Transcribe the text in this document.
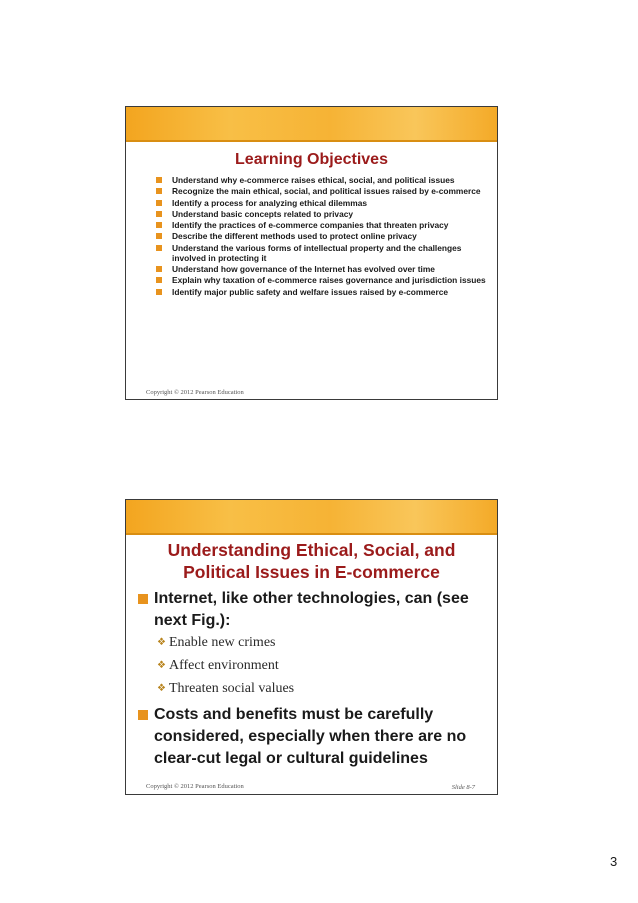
Learning Objectives
Understand why e-commerce raises ethical, social, and political issues
Recognize the main ethical, social, and political issues raised by e-commerce
Identify a process for analyzing ethical dilemmas
Understand basic concepts related to privacy
Identify the practices of e-commerce companies that threaten privacy
Describe the different methods used to protect online privacy
Understand the various forms of intellectual property and the challenges involved in protecting it
Understand how governance of the Internet has evolved over time
Explain why taxation of e-commerce raises governance and jurisdiction issues
Identify major public safety and welfare issues raised by e-commerce
Copyright © 2012 Pearson Education
Understanding Ethical, Social, and
Political Issues in E-commerce
Internet, like other technologies, can (see next Fig.):
❖ Enable new crimes
❖ Affect environment
❖ Threaten social values
Costs and benefits must be carefully considered, especially when there are no clear-cut legal or cultural guidelines
Copyright © 2012 Pearson Education	Slide 8-7
3
